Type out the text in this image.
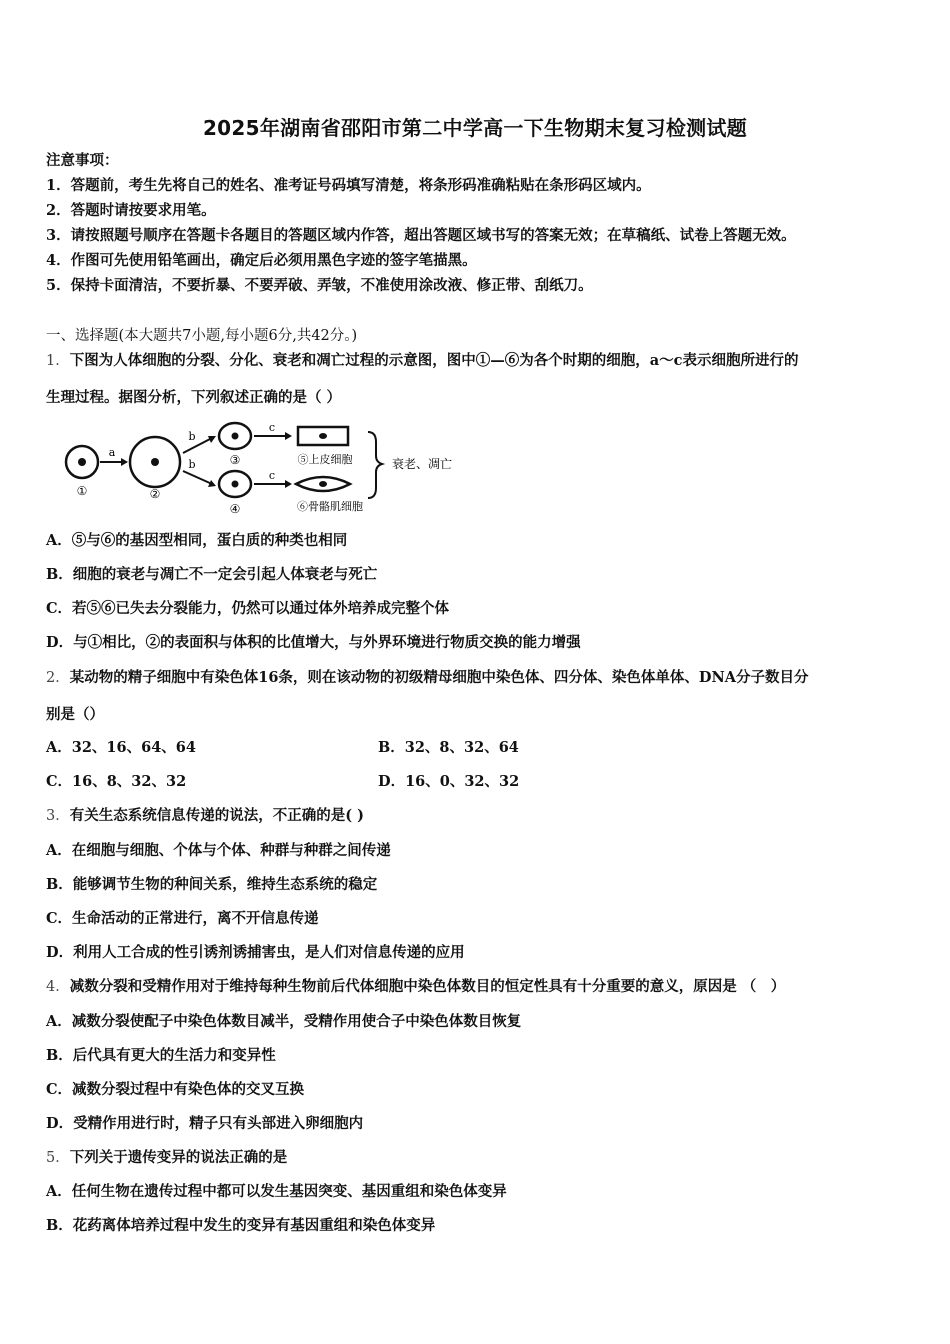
2025年湖南省邵阳市第二中学高一下生物期末复习检测试题
注意事项：
1．答题前，考生先将自己的姓名、准考证号码填写清楚，将条形码准确粘贴在条形码区域内。
2．答题时请按要求用笔。
3．请按照题号顺序在答题卡各题目的答题区域内作答，超出答题区域书写的答案无效；在草稿纸、试卷上答题无效。
4．作图可先使用铅笔画出，确定后必须用黑色字迹的签字笔描黑。
5．保持卡面清洁，不要折暴、不要弄破、弄皱，不准使用涂改液、修正带、刮纸刀。
一、选择题(本大题共7小题,每小题6分,共42分。)
1．下图为人体细胞的分裂、分化、衰老和凋亡过程的示意图，图中①—⑥为各个时期的细胞，a～c表示细胞所进行的
生理过程。据图分析，下列叙述正确的是（ ）
①
a
②
b
b	③
④
c
c
⑤上皮细胞
⑥骨骼肌细胞
衰老、凋亡
A．⑤与⑥的基因型相同，蛋白质的种类也相同
B．细胞的衰老与凋亡不一定会引起人体衰老与死亡
C．若⑤⑥已失去分裂能力，仍然可以通过体外培养成完整个体
D．与①相比，②的表面积与体积的比值增大，与外界环境进行物质交换的能力增强
2．某动物的精子细胞中有染色体16条，则在该动物的初级精母细胞中染色体、四分体、染色体单体、DNA分子数目分
别是（）
A．32、16、64、64	B．32、8、32、64
C．16、8、32、32	D．16、0、32、32
3．有关生态系统信息传递的说法，不正确的是( )
A．在细胞与细胞、个体与个体、种群与种群之间传递
B．能够调节生物的种间关系，维持生态系统的稳定
C．生命活动的正常进行，离不开信息传递
D．利用人工合成的性引诱剂诱捕害虫，是人们对信息传递的应用
4．减数分裂和受精作用对于维持每种生物前后代体细胞中染色体数目的恒定性具有十分重要的意义，原因是 （　）
A．减数分裂使配子中染色体数目减半，受精作用使合子中染色体数目恢复
B．后代具有更大的生活力和变异性
C．减数分裂过程中有染色体的交叉互换
D．受精作用进行时，精子只有头部进入卵细胞内
5．下列关于遗传变异的说法正确的是
A．任何生物在遗传过程中都可以发生基因突变、基因重组和染色体变异
B．花药离体培养过程中发生的变异有基因重组和染色体变异
